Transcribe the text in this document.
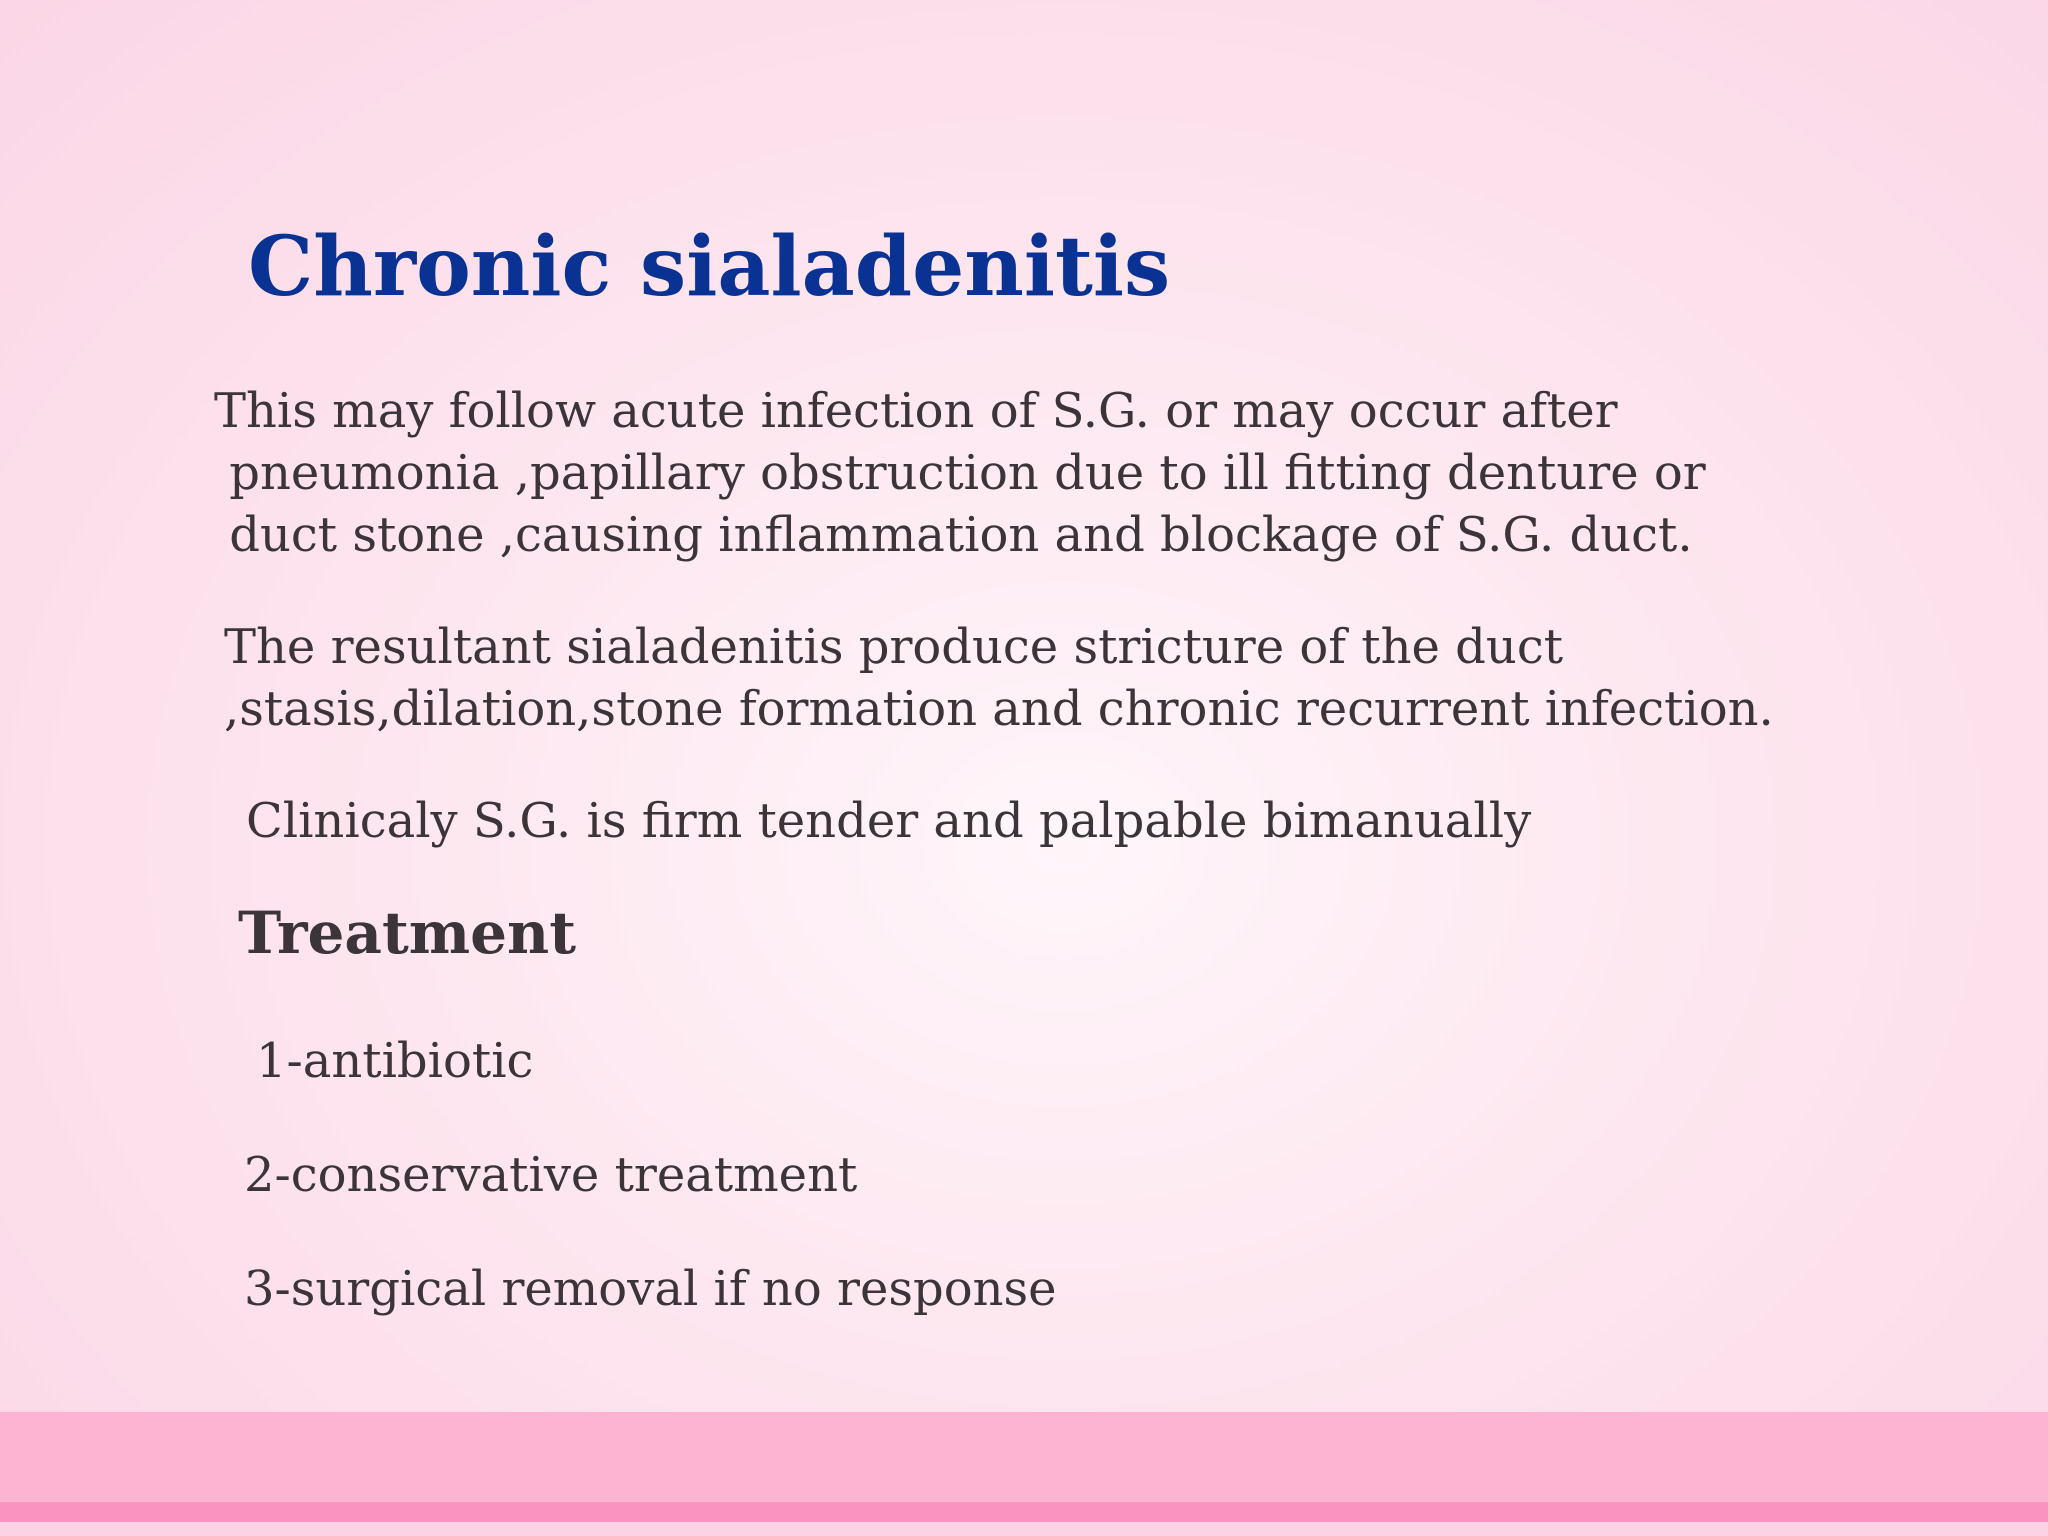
Chronic sialadenitis

This may follow acute infection of S.G. or may occur after
pneumonia ,papillary obstruction due to ill fitting denture or
duct stone ,causing inflammation and blockage of S.G. duct.

The resultant sialadenitis produce stricture of the duct
,stasis,dilation,stone formation and chronic recurrent infection.

Clinicaly S.G. is firm tender and palpable bimanually

Treatment

1-antibiotic

2-conservative treatment

3-surgical removal if no response
